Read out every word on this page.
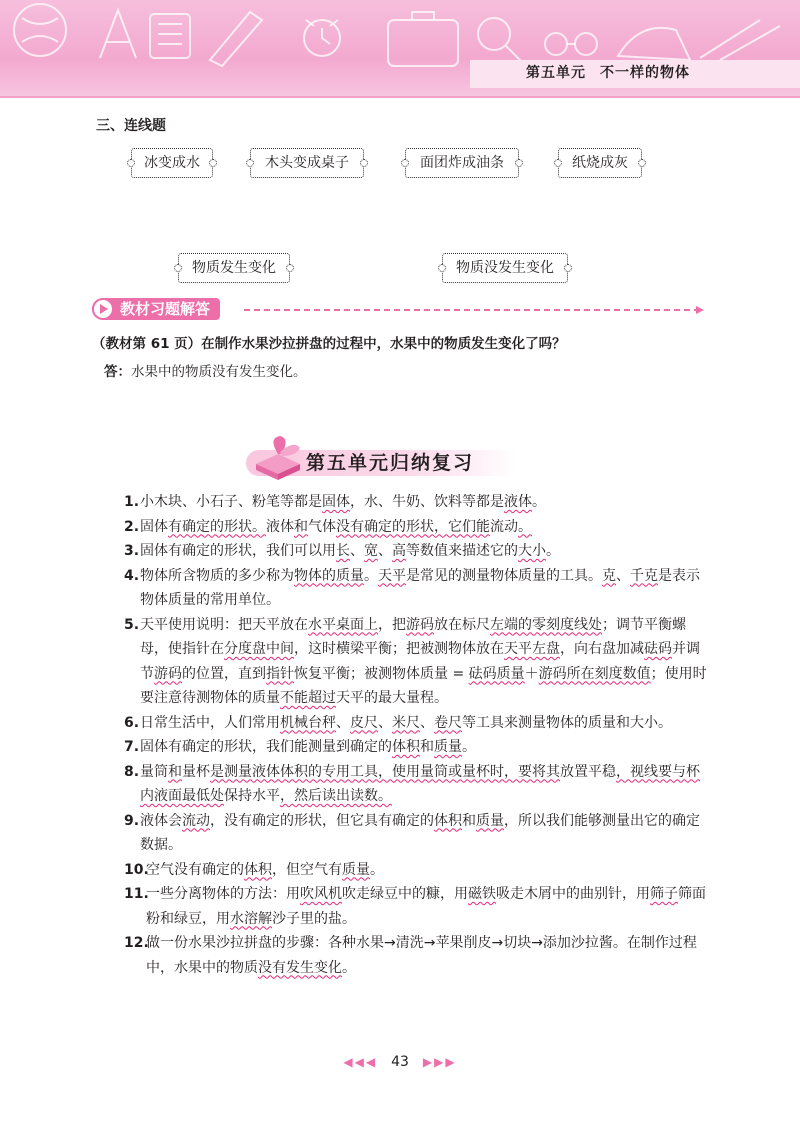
第五单元 不一样的物体
三、连线题
冰变成水	木头变成桌子	面团炸成油条	纸烧成灰
物质发生变化	物质没发生变化
教材习题解答
（教材第 61 页）在制作水果沙拉拼盘的过程中，水果中的物质发生变化了吗？
答：水果中的物质没有发生变化。
第五单元归纳复习
1. 小木块、小石子、粉笔等都是固体，水、牛奶、饮料等都是液体。
2. 固体有确定的形状。液体和气体没有确定的形状，它们能流动。
3. 固体有确定的形状，我们可以用长、宽、高等数值来描述它的大小。
4. 物体所含物质的多少称为物体的质量。天平是常见的测量物体质量的工具。克、千克是表示物体质量的常用单位。
5. 天平使用说明：把天平放在水平桌面上，把游码放在标尺左端的零刻度线处；调节平衡螺母，使指针在分度盘中间，这时横梁平衡；把被测物体放在天平左盘，向右盘加减砝码并调节游码的位置，直到指针恢复平衡；被测物体质量 = 砝码质量＋游码所在刻度数值；使用时要注意待测物体的质量不能超过天平的最大量程。
6. 日常生活中，人们常用机械台秤、皮尺、米尺、卷尺等工具来测量物体的质量和大小。
7. 固体有确定的形状，我们能测量到确定的体积和质量。
8. 量筒和量杯是测量液体体积的专用工具，使用量筒或量杯时，要将其放置平稳，视线要与杯内液面最低处保持水平，然后读出读数。
9. 液体会流动，没有确定的形状，但它具有确定的体积和质量，所以我们能够测量出它的确定数据。
10.
空气没有确定的体积，但空气有质量。
11.
一些分离物体的方法：用吹风机吹走绿豆中的糠，用磁铁吸走木屑中的曲别针，用筛子筛面粉和绿豆，用水溶解沙子里的盐。
12.
做一份水果沙拉拼盘的步骤：各种水果→清洗→苹果削皮→切块→添加沙拉酱。在制作过程中，水果中的物质没有发生变化。
◀◀◀ 43 ▶▶▶
